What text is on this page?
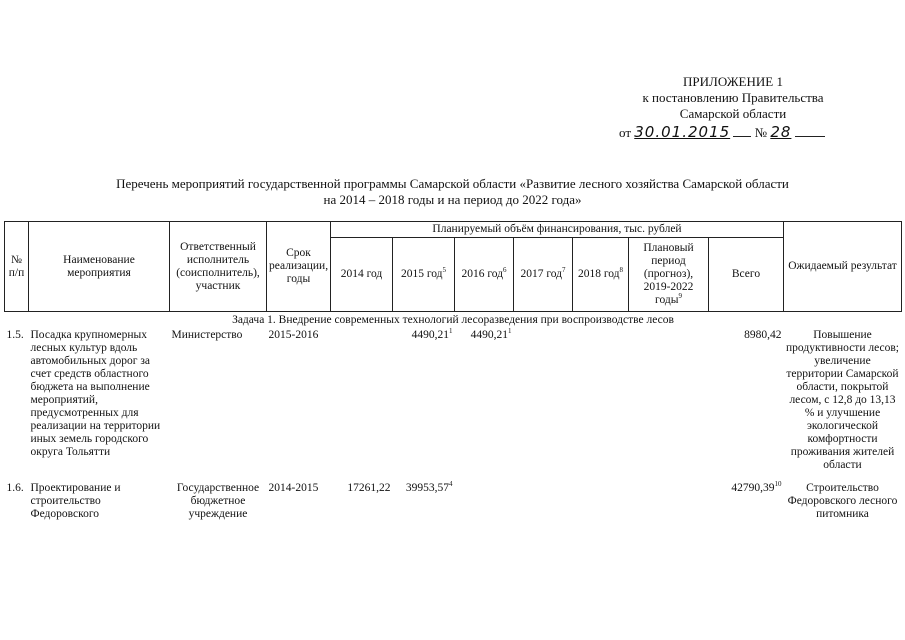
ПРИЛОЖЕНИЕ 1
к постановлению Правительства
Самарской области
от 30.01.2015 № 28
Перечень мероприятий государственной программы Самарской области «Развитие лесного хозяйства Самарской области
на 2014 – 2018 годы и на период до 2022 года»
№ п/п	Наименование мероприятия	Ответственный исполнитель (соисполнитель), участник	Срок реализации, годы	Планируемый объём финансирования, тыс. рублей							Ожидаемый результат
				2014 год	2015 год$^5$	2016 год$^6$	2017 год$^7$	2018 год$^8$	Плановый период (прогноз), 2019-2022 годы$^9$	Всего	
Задача 1. Внедрение современных технологий лесоразведения при воспроизводстве лесов											
1.5.	Посадка крупномерных лесных культур вдоль автомобильных дорог за счет средств областного бюджета на выполнение мероприятий, предусмотренных для реализации на территории иных земель городского округа Тольятти	Министерство	2015-2016		4490,21$^1$	4490,21$^1$				8980,42	Повышение продуктивности лесов; увеличение территории Самарской области, покрытой лесом, с 12,8 до 13,13 % и улучшение экологической комфортности проживания жителей области
1.6.	Проектирование и строительство Федоровского	Государственное бюджетное учреждение	2014-2015	17261,22	39953,57$^4$					42790,39$^{10}$	Строительство Федоровского лесного питомника
